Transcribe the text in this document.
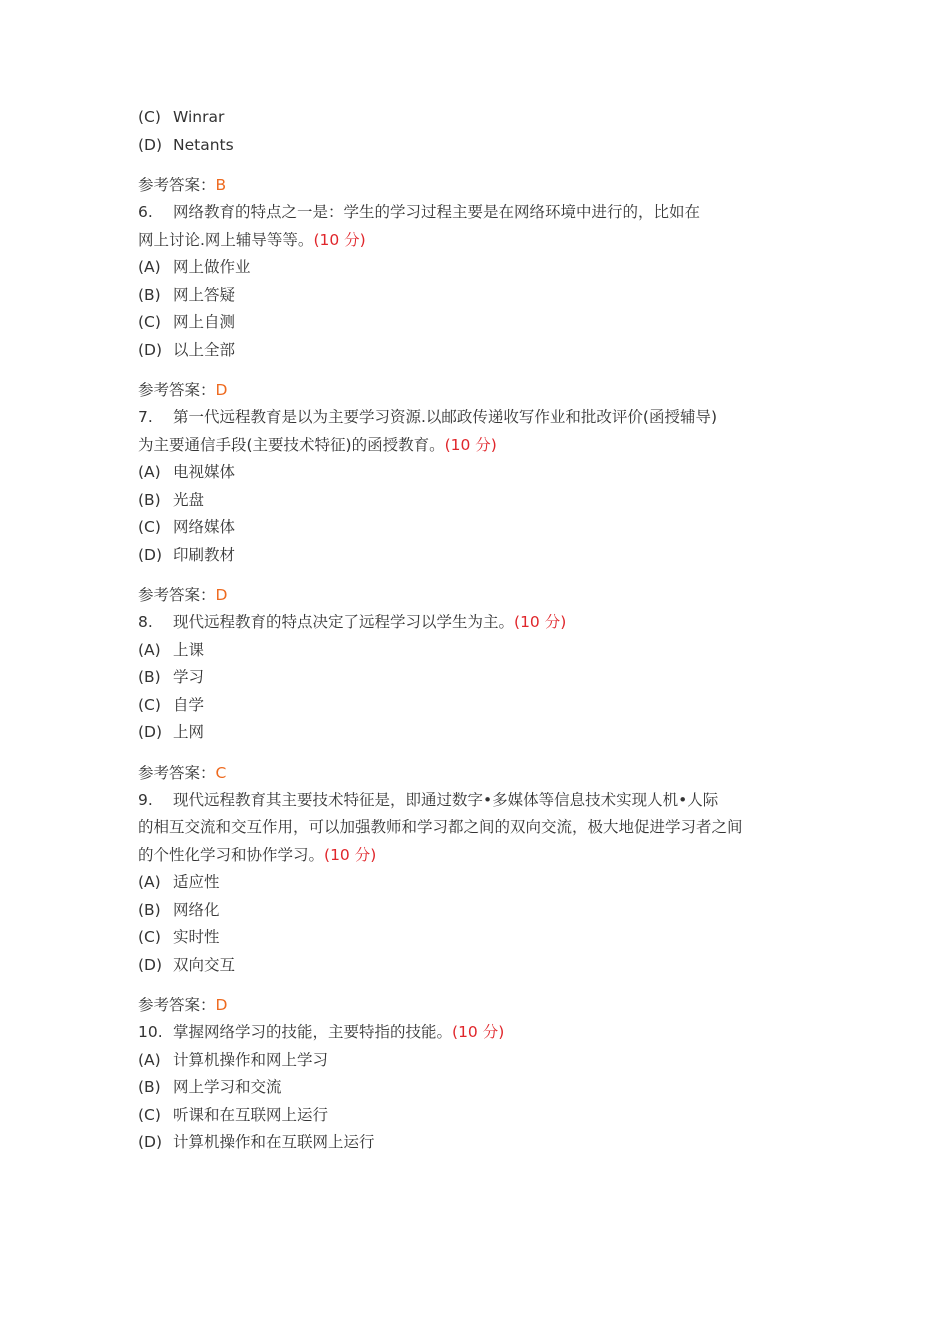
(C) Winrar
(D) Netants
参考答案：B
6. 网络教育的特点之一是：学生的学习过程主要是在网络环境中进行的，比如在
网上讨论.网上辅导等等。(10 分)
(A) 网上做作业
(B) 网上答疑
(C) 网上自测
(D) 以上全部
参考答案：D
7. 第一代远程教育是以为主要学习资源.以邮政传递收写作业和批改评价(函授辅导)
为主要通信手段(主要技术特征)的函授教育。(10 分)
(A) 电视媒体
(B) 光盘
(C) 网络媒体
(D) 印刷教材
参考答案：D
8. 现代远程教育的特点决定了远程学习以学生为主。(10 分)
(A) 上课
(B) 学习
(C) 自学
(D) 上网
参考答案：C
9. 现代远程教育其主要技术特征是，即通过数字•多媒体等信息技术实现人机•人际
的相互交流和交互作用，可以加强教师和学习都之间的双向交流，极大地促进学习者之间
的个性化学习和协作学习。(10 分)
(A) 适应性
(B) 网络化
(C) 实时性
(D) 双向交互
参考答案：D
10. 掌握网络学习的技能，主要特指的技能。(10 分)
(A) 计算机操作和网上学习
(B) 网上学习和交流
(C) 听课和在互联网上运行
(D) 计算机操作和在互联网上运行
